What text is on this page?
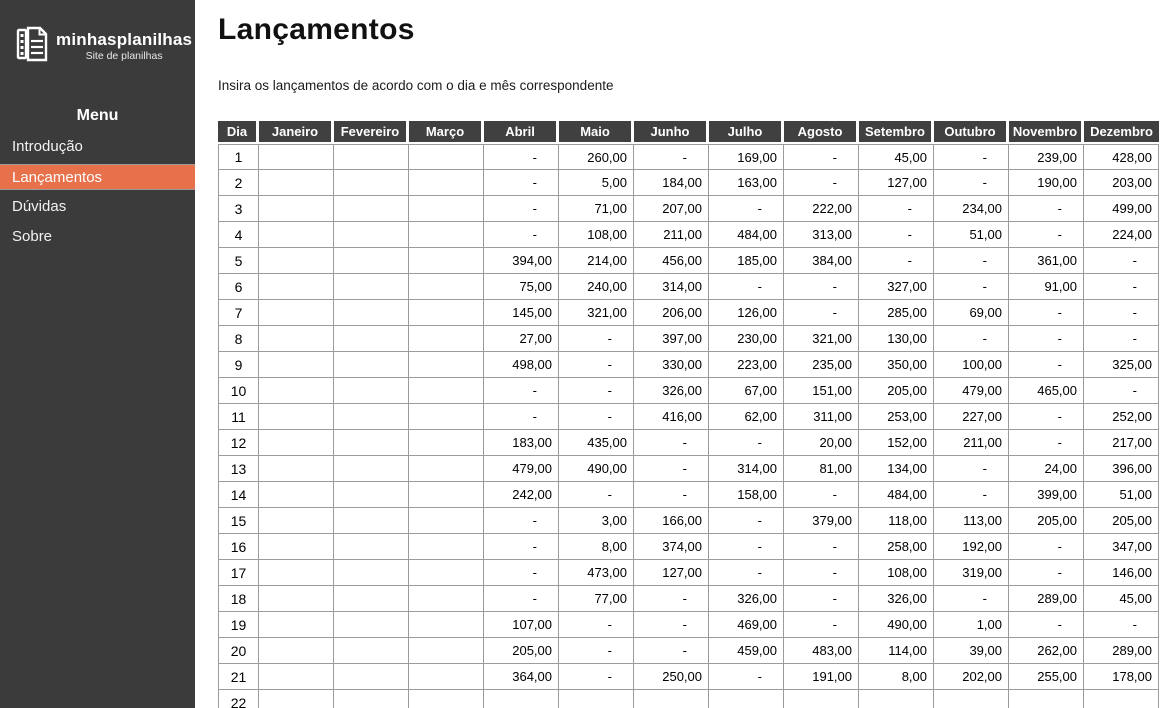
minhasplanilhas
Site de planilhas
Menu
Introdução
Lançamentos
Dúvidas
Sobre
Lançamentos

Insira os lançamentos de acordo com o dia e mês correspondente

Dia	Janeiro	Fevereiro	Março	Abril	Maio	Junho	Julho	Agosto	Setembro	Outubro	Novembro	Dezembro
1				-	260,00	-	169,00	-	45,00	-	239,00	428,00
2				-	5,00	184,00	163,00	-	127,00	-	190,00	203,00
3				-	71,00	207,00	-	222,00	-	234,00	-	499,00
4				-	108,00	211,00	484,00	313,00	-	51,00	-	224,00
5				394,00	214,00	456,00	185,00	384,00	-	-	361,00	-
6				75,00	240,00	314,00	-	-	327,00	-	91,00	-
7				145,00	321,00	206,00	126,00	-	285,00	69,00	-	-
8				27,00	-	397,00	230,00	321,00	130,00	-	-	-
9				498,00	-	330,00	223,00	235,00	350,00	100,00	-	325,00
10				-	-	326,00	67,00	151,00	205,00	479,00	465,00	-
11				-	-	416,00	62,00	311,00	253,00	227,00	-	252,00
12				183,00	435,00	-	-	20,00	152,00	211,00	-	217,00
13				479,00	490,00	-	314,00	81,00	134,00	-	24,00	396,00
14				242,00	-	-	158,00	-	484,00	-	399,00	51,00
15				-	3,00	166,00	-	379,00	118,00	113,00	205,00	205,00
16				-	8,00	374,00	-	-	258,00	192,00	-	347,00
17				-	473,00	127,00	-	-	108,00	319,00	-	146,00
18				-	77,00	-	326,00	-	326,00	-	289,00	45,00
19				107,00	-	-	469,00	-	490,00	1,00	-	-
20				205,00	-	-	459,00	483,00	114,00	39,00	262,00	289,00
21				364,00	-	250,00	-	191,00	8,00	202,00	255,00	178,00
22												
